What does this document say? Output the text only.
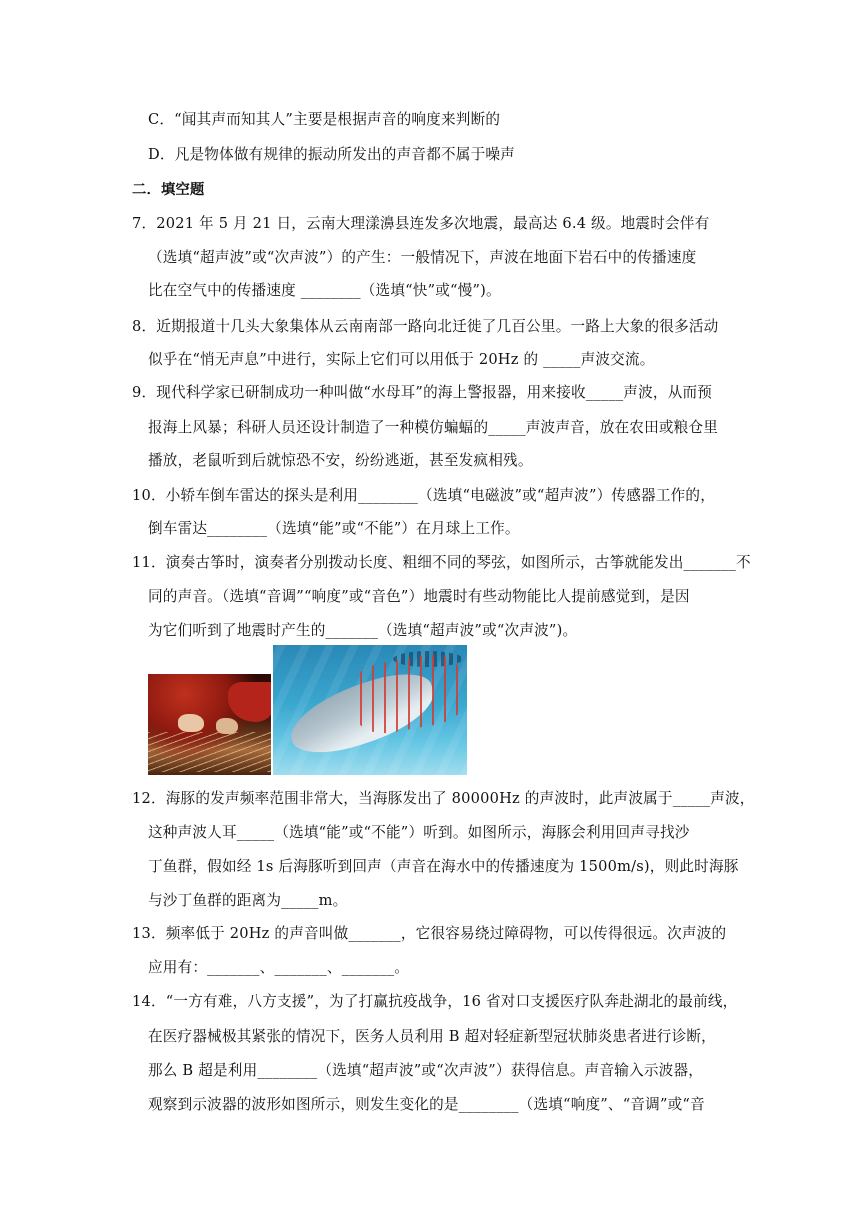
C．“闻其声而知其人”主要是根据声音的响度来判断的
D．凡是物体做有规律的振动所发出的声音都不属于噪声
二．填空题
7．2021 年 5 月 21 日，云南大理漾濞县连发多次地震，最高达 6.4 级。地震时会伴有
（选填“超声波”或“次声波”）的产生：一般情况下，声波在地面下岩石中的传播速度
比在空气中的传播速度 ________（选填“快”或“慢”)。
8．近期报道十几头大象集体从云南南部一路向北迁徙了几百公里。一路上大象的很多活动
似乎在“悄无声息”中进行，实际上它们可以用低于 20Hz 的 _____声波交流。
9．现代科学家已研制成功一种叫做“水母耳”的海上警报器，用来接收_____声波，从而预
报海上风暴；科研人员还设计制造了一种模仿蝙蝠的_____声波声音，放在农田或粮仓里
播放，老鼠听到后就惊恐不安，纷纷逃逝，甚至发疯相残。
10．小轿车倒车雷达的探头是利用________（选填“电磁波”或“超声波”）传感器工作的，
倒车雷达________（选填“能”或“不能”）在月球上工作。
11．演奏古筝时，演奏者分别拨动长度、粗细不同的琴弦，如图所示，古筝就能发出_______不
同的声音。（选填“音调”“响度”或“音色”）地震时有些动物能比人提前感觉到，是因
为它们听到了地震时产生的_______（选填“超声波”或“次声波”)。
12．海豚的发声频率范围非常大，当海豚发出了 80000Hz 的声波时，此声波属于_____声波，
这种声波人耳_____（选填“能”或“不能”）听到。如图所示，海豚会利用回声寻找沙
丁鱼群，假如经 1s 后海豚听到回声（声音在海水中的传播速度为 1500m/s)，则此时海豚
与沙丁鱼群的距离为_____m。
13．频率低于 20Hz 的声音叫做_______，它很容易绕过障碍物，可以传得很远。次声波的
应用有：_______、_______、_______。
14．“一方有难，八方支援”，为了打赢抗疫战争，16 省对口支援医疗队奔赴湖北的最前线，
在医疗器械极其紧张的情况下，医务人员利用 B 超对轻症新型冠状肺炎患者进行诊断，
那么 B 超是利用________（选填“超声波”或“次声波”）获得信息。声音输入示波器，
观察到示波器的波形如图所示，则发生变化的是________（选填“响度”、“音调”或“音
